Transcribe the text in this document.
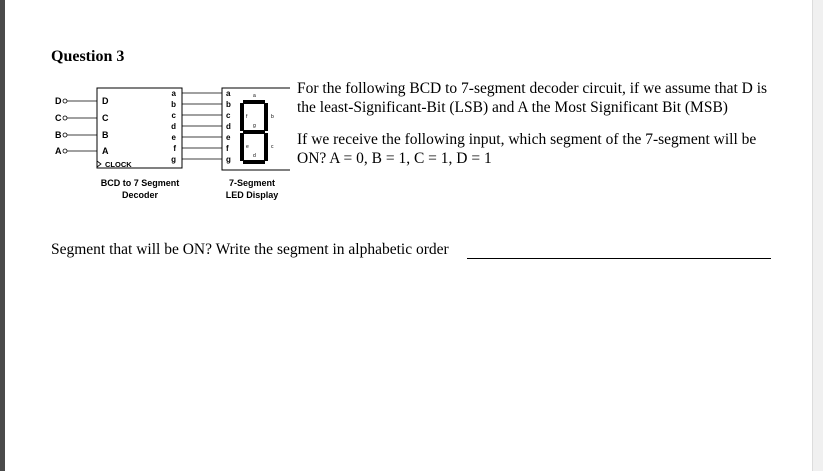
Question 3
D
C
B
A
D
C
B
A
CLOCK
a
b
c
d
e
f
g
a
b
c
d
e
f
g
a
b
c
d
e
f
g
BCD to 7 Segment
Decoder
7-Segment
LED Display
For the following BCD to 7-segment decoder circuit, if we assume that D is the least-Significant-Bit (LSB) and A the Most Significant Bit (MSB)
If we receive the following input, which segment of the 7-segment will be ON? A = 0, B = 1, C = 1, D = 1
Segment that will be ON? Write the segment in alphabetic order
